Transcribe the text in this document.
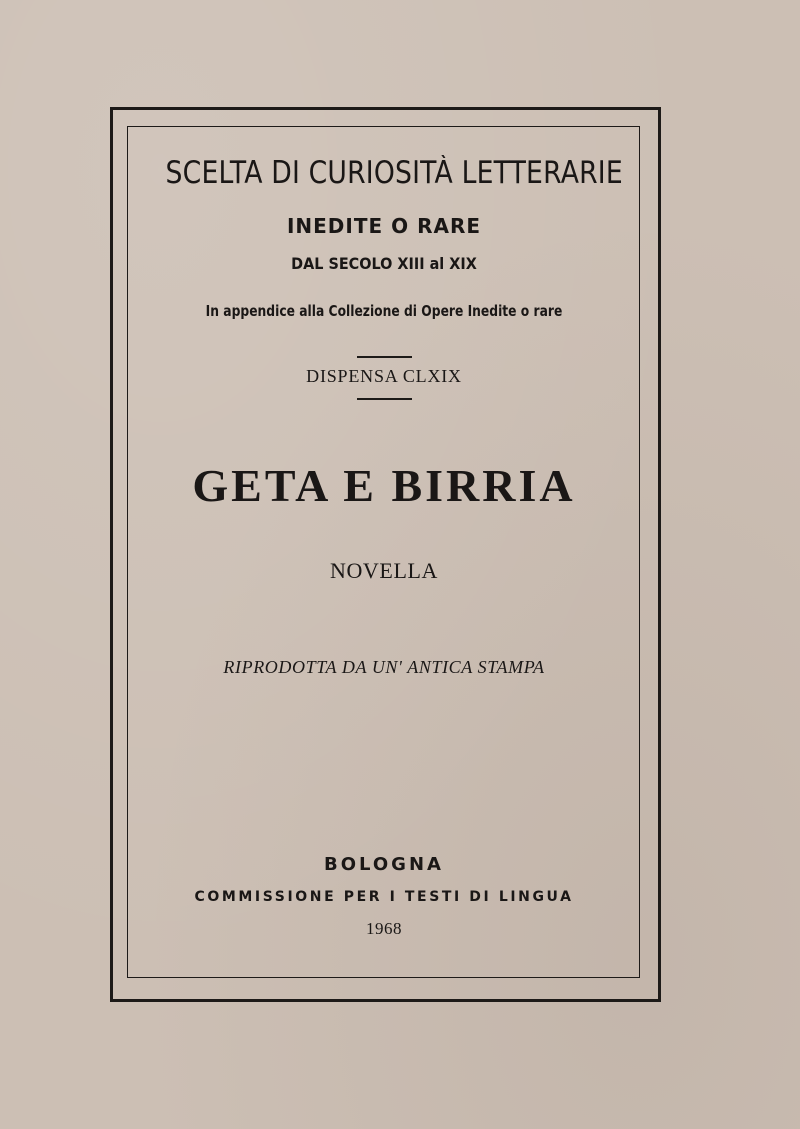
SCELTA DI CURIOSITÀ LETTERARIE

INEDITE O RARE

DAL SECOLO XIII al XIX

In appendice alla Collezione di Opere Inedite o rare

DISPENSA CLXIX

GETA E BIRRIA

NOVELLA

RIPRODOTTA DA UN' ANTICA STAMPA

BOLOGNA

COMMISSIONE PER I TESTI DI LINGUA

1968
